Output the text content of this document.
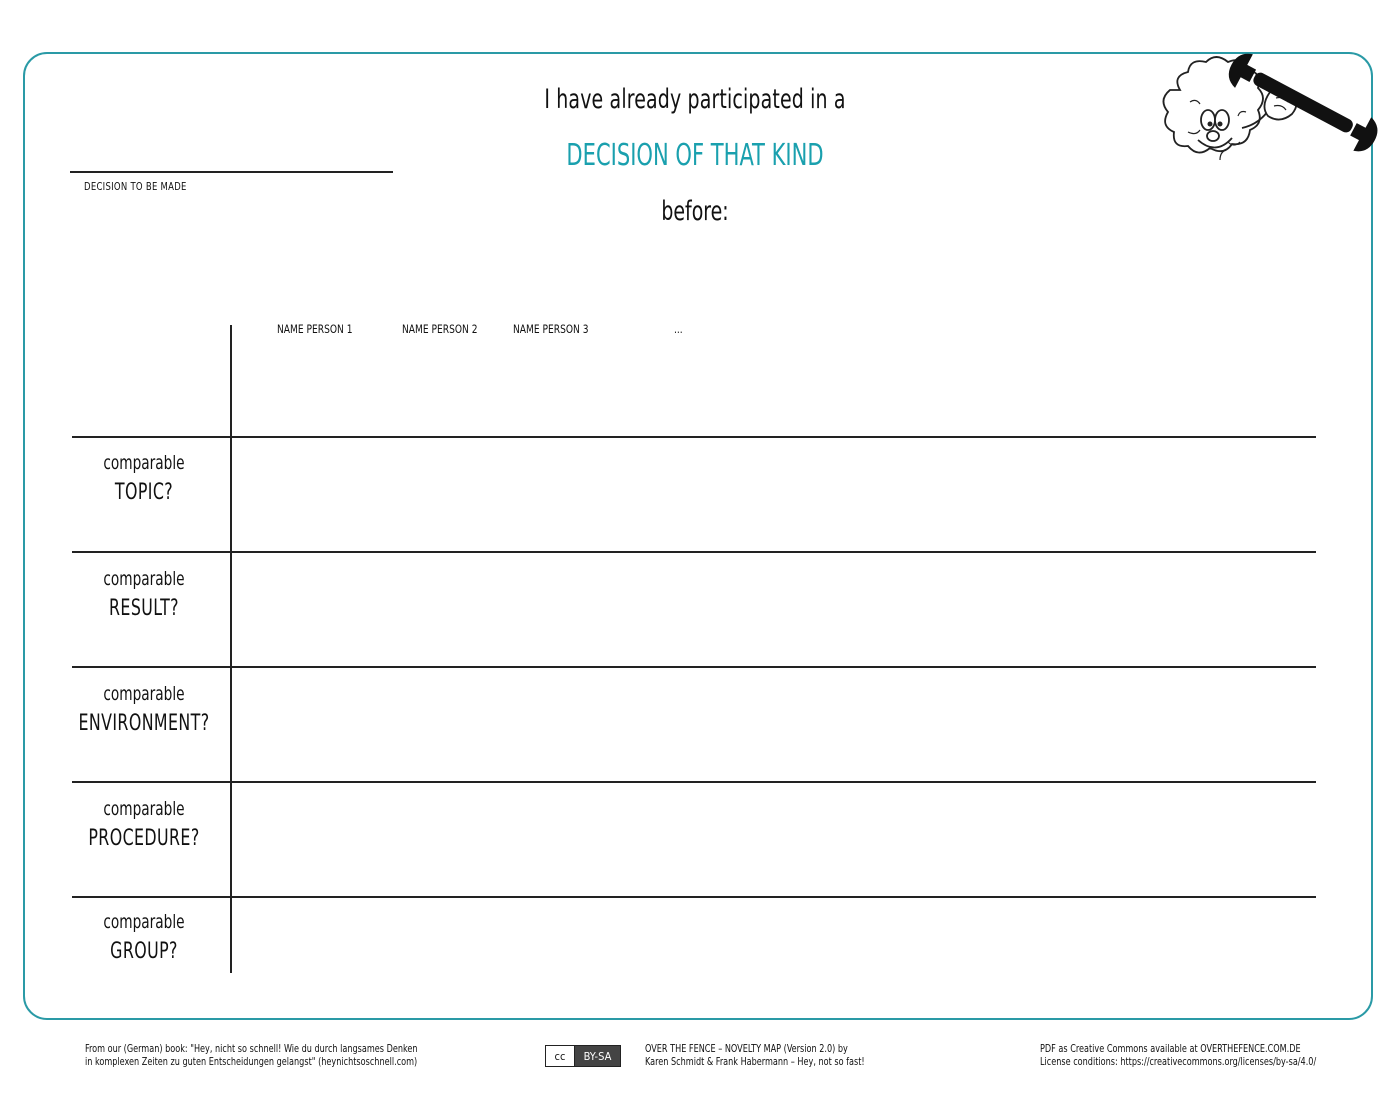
DECISION TO BE MADE
I have already participated in a
DECISION OF THAT KIND
before:
NAME PERSON 1	NAME PERSON 2	NAME PERSON 3	...
comparable
TOPIC?
comparable
RESULT?
comparable
ENVIRONMENT?
comparable
PROCEDURE?
comparable
GROUP?
From our (German) book: "Hey, nicht so schnell! Wie du durch langsames Denken
in komplexen Zeiten zu guten Entscheidungen gelangst" (heynichtsoschnell.com)	cc	BY-SA
OVER THE FENCE – NOVELTY MAP (Version 2.0) by
Karen Schmidt & Frank Habermann – Hey, not so fast!
PDF as Creative Commons available at OVERTHEFENCE.COM.DE
License conditions: https://creativecommons.org/licenses/by-sa/4.0/
